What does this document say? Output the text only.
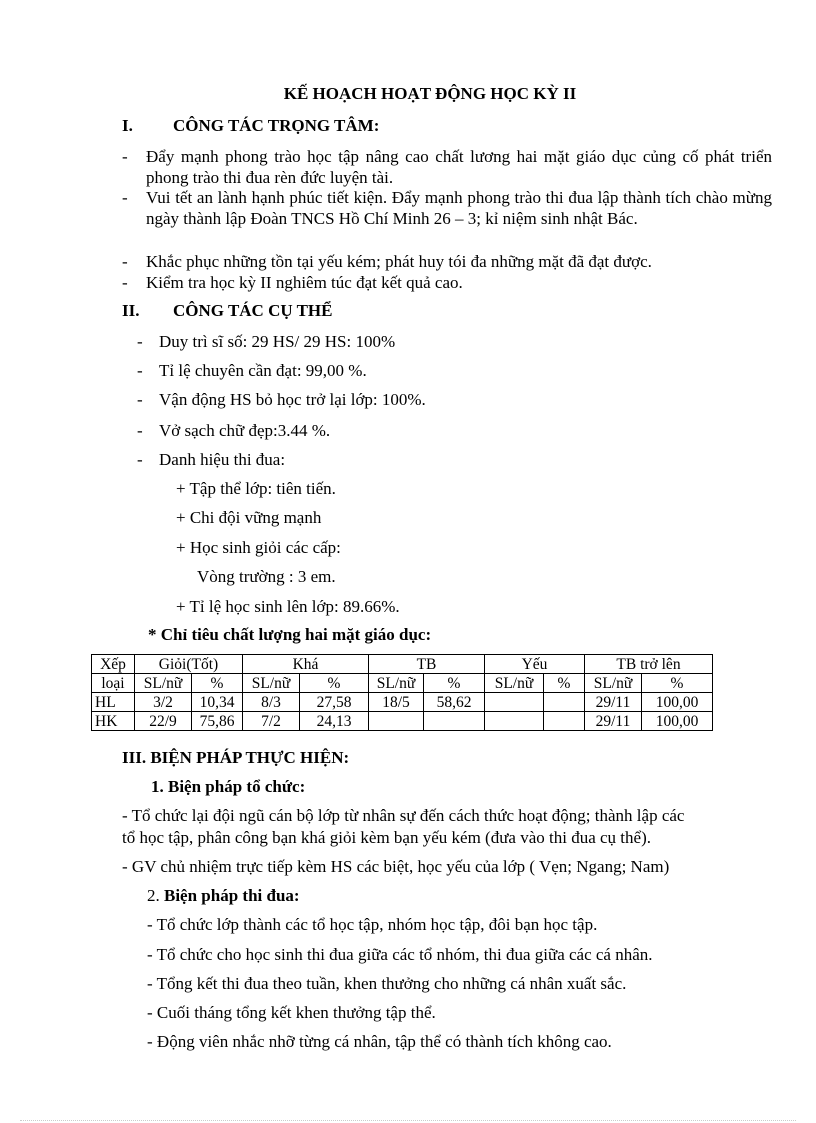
KẾ HOẠCH HOẠT ĐỘNG HỌC KỲ II
I. CÔNG TÁC TRỌNG TÂM:
- Đẩy mạnh phong trào học tập nâng cao chất lương hai mặt giáo dục củng cố phát triển phong trào thi đua rèn đức luyện tài.
- Vui tết an lành hạnh phúc tiết kiện. Đẩy mạnh phong trào thi đua lập thành tích chào mừng ngày thành lập Đoàn TNCS Hồ Chí Minh 26 – 3; kỉ niệm sinh nhật Bác.
- Khắc phục những tồn tại yếu kém; phát huy tói đa những mặt đã đạt được.
- Kiểm tra học kỳ II nghiêm túc đạt kết quả cao.
II. CÔNG TÁC CỤ THỂ
- Duy trì sĩ số: 29 HS/ 29 HS: 100%
- Tỉ lệ chuyên cần đạt: 99,00 %.
- Vận động HS bỏ học trở lại lớp: 100%.
- Vở sạch chữ đẹp:3.44 %.
- Danh hiệu thi đua:
+ Tập thể lớp: tiên tiến.
+ Chi đội vững mạnh
+ Học sinh giỏi các cấp:
Vòng trường : 3 em.
+ Tỉ lệ học sinh lên lớp: 89.66%.
* Chỉ tiêu chất lượng hai mặt giáo dục:
Xếp	Giỏi(Tốt)		Khá		TB		Yếu		TB trở lên	
loại	SL/nữ	%	SL/nữ	%	SL/nữ	%	SL/nữ	%	SL/nữ	%
HL	3/2	10,34	8/3	27,58	18/5	58,62			29/11	100,00
HK	22/9	75,86	7/2	24,13					29/11	100,00
III. BIỆN PHÁP THỰC HIỆN:
1. Biện pháp tổ chức:
- Tổ chức lại đội ngũ cán bộ lớp từ nhân sự đến cách thức hoạt động; thành lập các
tổ học tập, phân công bạn khá giỏi kèm bạn yếu kém (đưa vào thi đua cụ thể).
- GV chủ nhiệm trực tiếp kèm HS các biệt, học yếu của lớp ( Vẹn; Ngang; Nam)
2. Biện pháp thi đua:
- Tổ chức lớp thành các tổ học tập, nhóm học tập, đôi bạn học tập.
- Tổ chức cho học sinh thi đua giữa các tổ nhóm, thi đua giữa các cá nhân.
- Tổng kết thi đua theo tuần, khen thưởng cho những cá nhân xuất sắc.
- Cuối tháng tổng kết khen thưởng tập thể.
- Động viên nhắc nhỡ từng cá nhân, tập thể có thành tích không cao.
